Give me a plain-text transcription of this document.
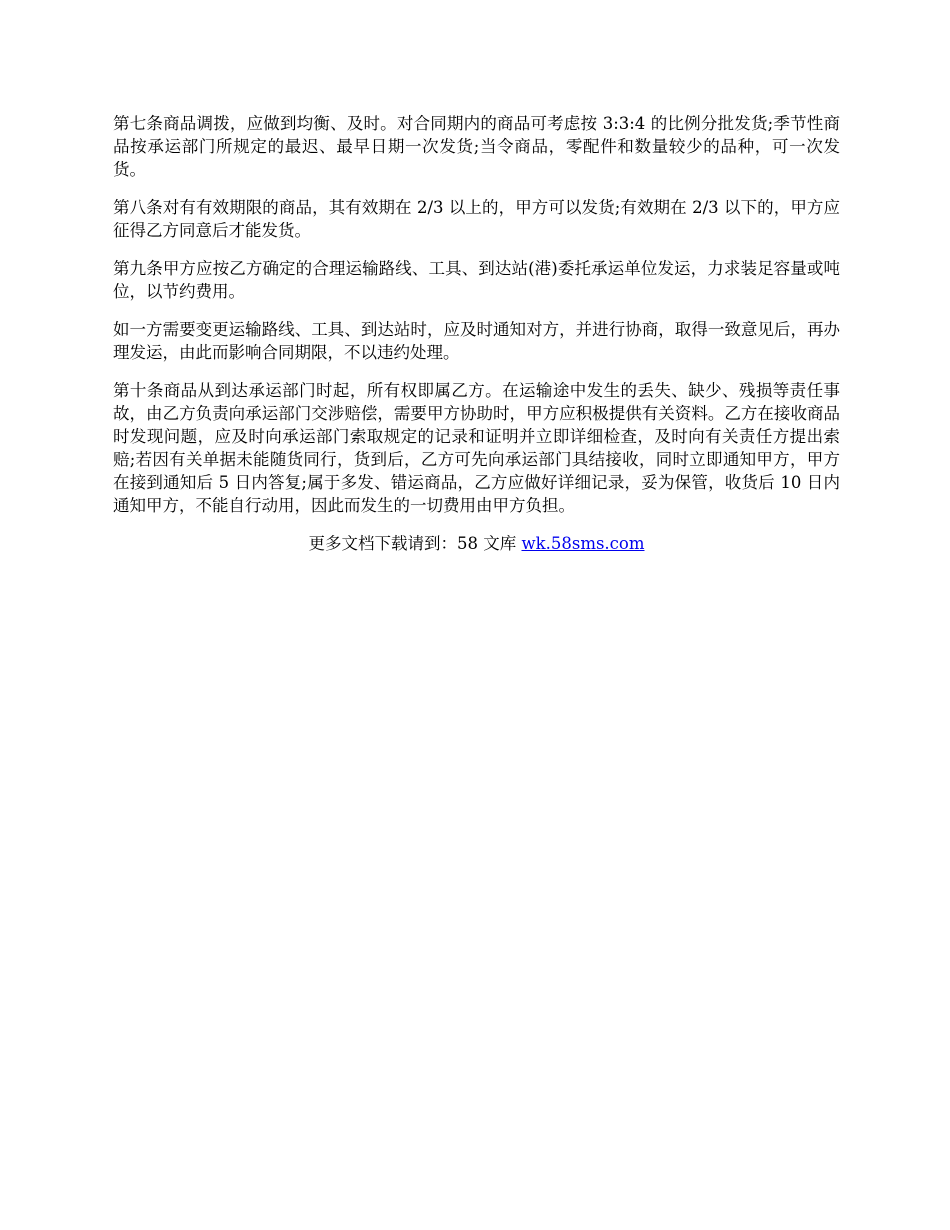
第七条商品调拨，应做到均衡、及时。对合同期内的商品可考虑按 3:3:4 的比例分批发货;季节性商品按承运部门所规定的最迟、最早日期一次发货;当令商品，零配件和数量较少的品种，可一次发货。

第八条对有有效期限的商品，其有效期在 2/3 以上的，甲方可以发货;有效期在 2/3 以下的，甲方应征得乙方同意后才能发货。

第九条甲方应按乙方确定的合理运输路线、工具、到达站(港)委托承运单位发运，力求装足容量或吨位，以节约费用。

如一方需要变更运输路线、工具、到达站时，应及时通知对方，并进行协商，取得一致意见后，再办理发运，由此而影响合同期限，不以违约处理。

第十条商品从到达承运部门时起，所有权即属乙方。在运输途中发生的丢失、缺少、残损等责任事故，由乙方负责向承运部门交涉赔偿，需要甲方协助时，甲方应积极提供有关资料。乙方在接收商品时发现问题，应及时向承运部门索取规定的记录和证明并立即详细检查，及时向有关责任方提出索赔;若因有关单据未能随货同行，货到后，乙方可先向承运部门具结接收，同时立即通知甲方，甲方在接到通知后 5 日内答复;属于多发、错运商品，乙方应做好详细记录，妥为保管，收货后 10 日内通知甲方，不能自行动用，因此而发生的一切费用由甲方负担。

更多文档下载请到：58 文库 wk.58sms.com
